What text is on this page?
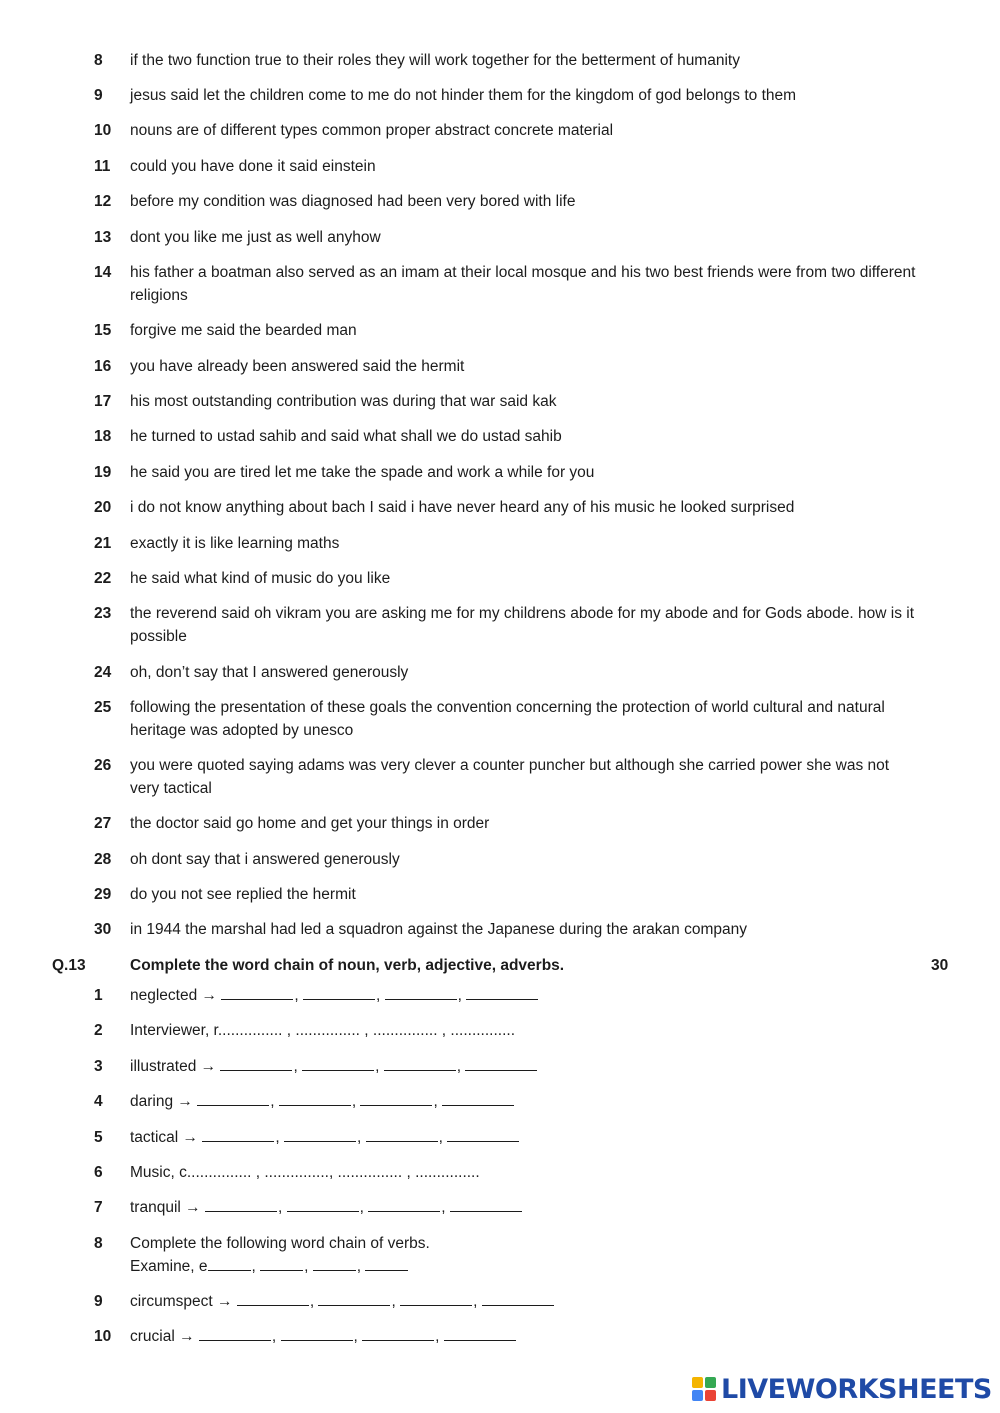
8	if the two function true to their roles they will work together for the betterment of humanity
9	jesus said let the children come to me do not hinder them for the kingdom of god belongs to them
10	nouns are of different types common proper abstract concrete material
11	could you have done it said einstein
12	before my condition was diagnosed had been very bored with life
13	dont you like me just as well anyhow
14	his father a boatman also served as an imam at their local mosque and his two best friends were from two different religions
15	forgive me said the bearded man
16	you have already been answered said the hermit
17	his most outstanding contribution was during that war said kak
18	he turned to ustad sahib and said what shall we do ustad sahib
19	he said you are tired let me take the spade and work a while for you
20	i do not know anything about bach I said i have never heard any of his music he looked surprised
21	exactly it is like learning maths
22	he said what kind of music do you like
23	the reverend said oh vikram you are asking me for my childrens abode for my abode and for Gods abode. how is it possible
24	oh, don’t say that I answered generously
25	following the presentation of these goals the convention concerning the protection of world cultural and natural heritage was adopted by unesco
26	you were quoted saying adams was very clever a counter puncher but although she carried power she was not very tactical
27	the doctor said go home and get your things in order
28	oh dont say that i answered generously
29	do you not see replied the hermit
30	in 1944 the marshal had led a squadron against the Japanese during the arakan company
Q.13	Complete the word chain of noun, verb, adjective, adverbs.	30
1	neglected →	,	,	,
2	Interviewer, r............... , ............... , ............... , ...............
3	illustrated →	,	,	,
4	daring →	,	,	,
5	tactical →	,	,	,
6	Music, c............... , ..............., ............... , ...............
7	tranquil →	,	,	,
8	Complete the following word chain of verbs.
Examine, e	,	,	,
9	circumspect →	,	,	,
10	crucial →	,	,	,
LIVEWORKSHEETS
